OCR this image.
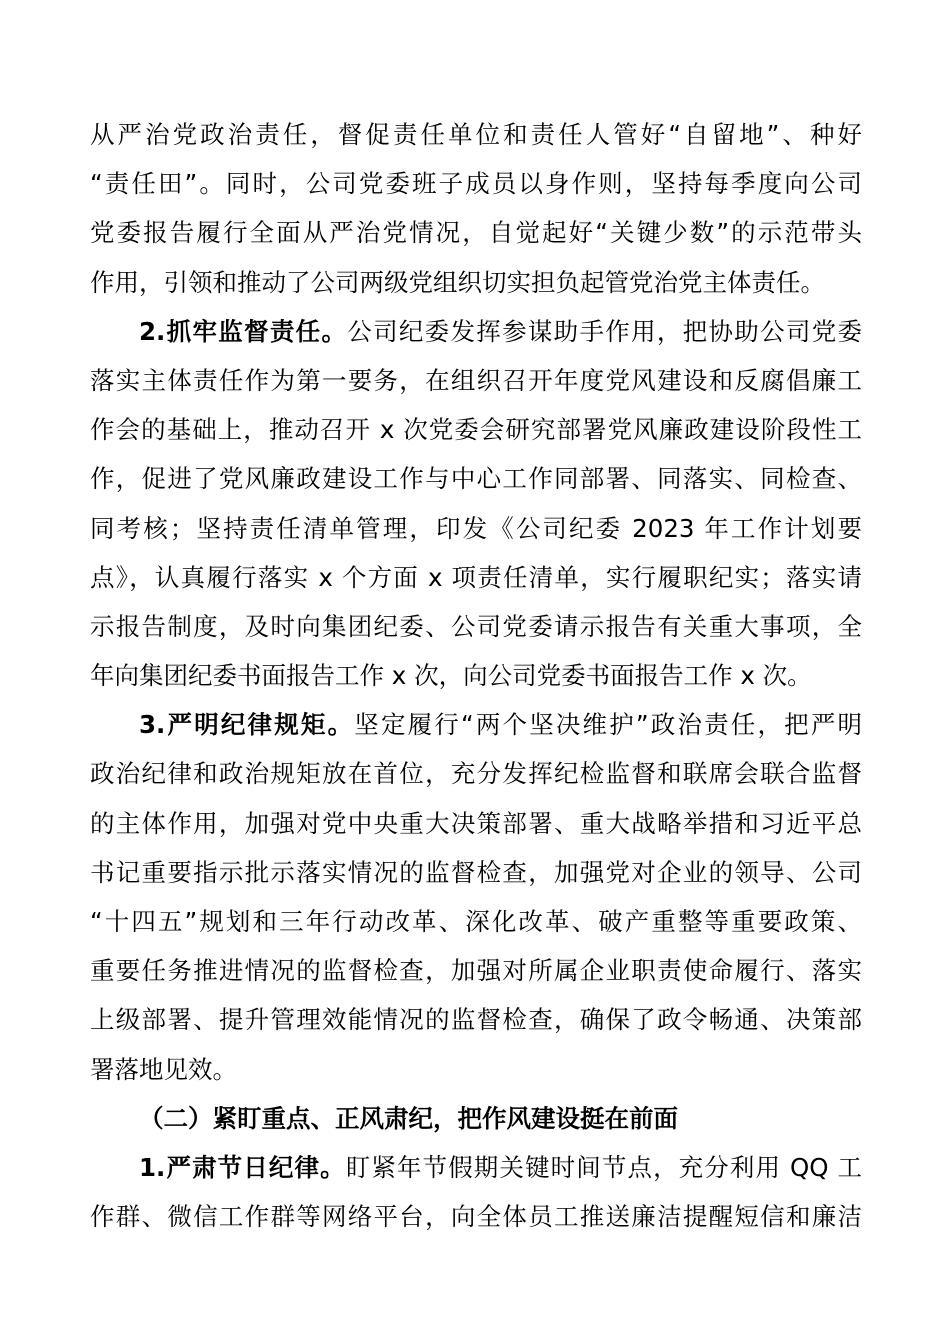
从严治党政治责任，督促责任单位和责任人管好“自留地”、种好
“责任田”。同时，公司党委班子成员以身作则，坚持每季度向公司
党委报告履行全面从严治党情况，自觉起好“关键少数”的示范带头
作用，引领和推动了公司两级党组织切实担负起管党治党主体责任。
2.抓牢监督责任。公司纪委发挥参谋助手作用，把协助公司党委
落实主体责任作为第一要务，在组织召开年度党风建设和反腐倡廉工
作会的基础上，推动召开 x 次党委会研究部署党风廉政建设阶段性工
作，促进了党风廉政建设工作与中心工作同部署、同落实、同检查、
同考核；坚持责任清单管理，印发《公司纪委 2023 年工作计划要
点》，认真履行落实 x 个方面 x 项责任清单，实行履职纪实；落实请
示报告制度，及时向集团纪委、公司党委请示报告有关重大事项，全
年向集团纪委书面报告工作 x 次，向公司党委书面报告工作 x 次。
3.严明纪律规矩。坚定履行“两个坚决维护”政治责任，把严明
政治纪律和政治规矩放在首位，充分发挥纪检监督和联席会联合监督
的主体作用，加强对党中央重大决策部署、重大战略举措和习近平总
书记重要指示批示落实情况的监督检查，加强党对企业的领导、公司
“十四五”规划和三年行动改革、深化改革、破产重整等重要政策、
重要任务推进情况的监督检查，加强对所属企业职责使命履行、落实
上级部署、提升管理效能情况的监督检查，确保了政令畅通、决策部
署落地见效。
（二）紧盯重点、正风肃纪，把作风建设挺在前面
1.严肃节日纪律。盯紧年节假期关键时间节点，充分利用 QQ 工
作群、微信工作群等网络平台，向全体员工推送廉洁提醒短信和廉洁
